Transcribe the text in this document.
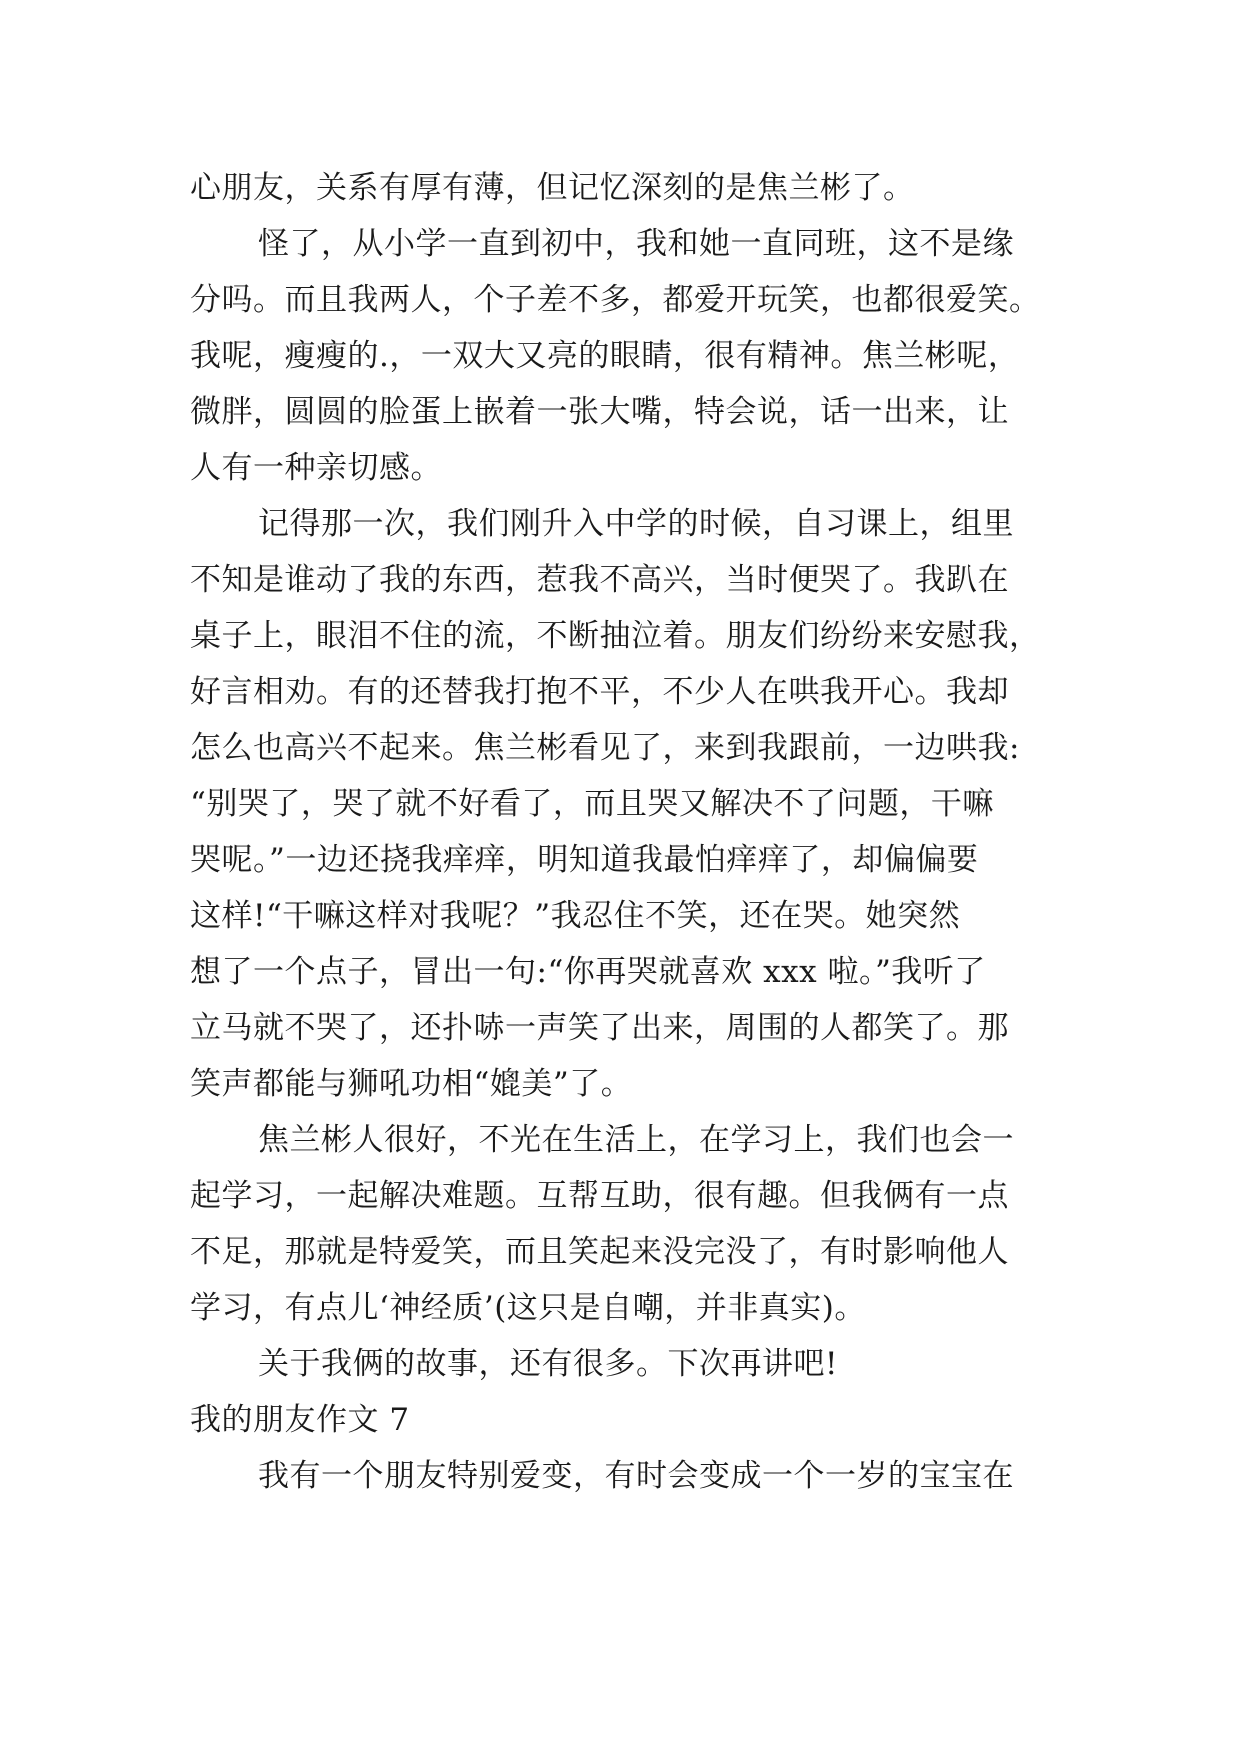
心朋友，关系有厚有薄，但记忆深刻的是焦兰彬了。
怪了，从小学一直到初中，我和她一直同班，这不是缘
分吗。而且我两人，个子差不多，都爱开玩笑，也都很爱笑。
我呢，瘦瘦的.，一双大又亮的眼睛，很有精神。焦兰彬呢，
微胖，圆圆的脸蛋上嵌着一张大嘴，特会说，话一出来，让
人有一种亲切感。
记得那一次，我们刚升入中学的时候，自习课上，组里
不知是谁动了我的东西，惹我不高兴，当时便哭了。我趴在
桌子上，眼泪不住的流，不断抽泣着。朋友们纷纷来安慰我，
好言相劝。有的还替我打抱不平，不少人在哄我开心。我却
怎么也高兴不起来。焦兰彬看见了，来到我跟前，一边哄我:
“别哭了，哭了就不好看了，而且哭又解决不了问题，干嘛
哭呢。”一边还挠我痒痒，明知道我最怕痒痒了，却偏偏要
这样!“干嘛这样对我呢？”我忍住不笑，还在哭。她突然
想了一个点子，冒出一句:“你再哭就喜欢 xxx 啦。”我听了
立马就不哭了，还扑哧一声笑了出来，周围的人都笑了。那
笑声都能与狮吼功相“媲美”了。
焦兰彬人很好，不光在生活上，在学习上，我们也会一
起学习，一起解决难题。互帮互助，很有趣。但我俩有一点
不足，那就是特爱笑，而且笑起来没完没了，有时影响他人
学习，有点儿‘神经质’(这只是自嘲，并非真实)。
关于我俩的故事，还有很多。下次再讲吧!
我的朋友作文 7
我有一个朋友特别爱变，有时会变成一个一岁的宝宝在
